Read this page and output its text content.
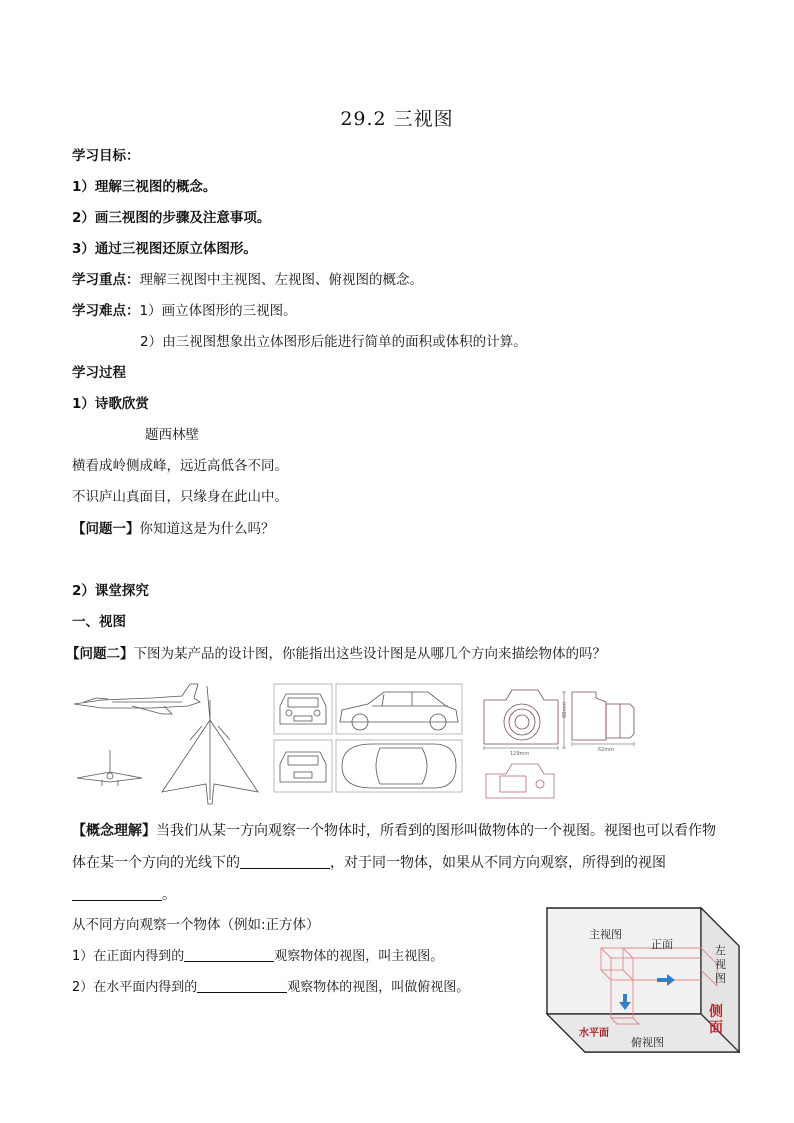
29.2 三视图
学习目标：
1）理解三视图的概念。
2）画三视图的步骤及注意事项。
3）通过三视图还原立体图形。
学习重点：理解三视图中主视图、左视图、俯视图的概念。
学习难点：1）画立体图形的三视图。
2）由三视图想象出立体图形后能进行简单的面积或体积的计算。
学习过程
1）诗歌欣赏
题西林壁
横看成岭侧成峰，远近高低各不同。
不识庐山真面目，只缘身在此山中。
【问题一】你知道这是为什么吗？
2）课堂探究
一、视图
【问题二】下图为某产品的设计图，你能指出这些设计图是从哪几个方向来描绘物体的吗？
88mm
129mm
62mm
【概念理解】当我们从某一方向观察一个物体时，所看到的图形叫做物体的一个视图。视图也可以看作物
体在某一个方向的光线下的	，对于同一物体，如果从不同方向观察，所得到的视图
。
从不同方向观察一个物体（例如:正方体）
1）在正面内得到的	观察物体的视图，叫主视图。
2）在水平面内得到的	观察物体的视图，叫做俯视图。
主视图
正面	左
视
图
侧
面
水平面
俯视图
